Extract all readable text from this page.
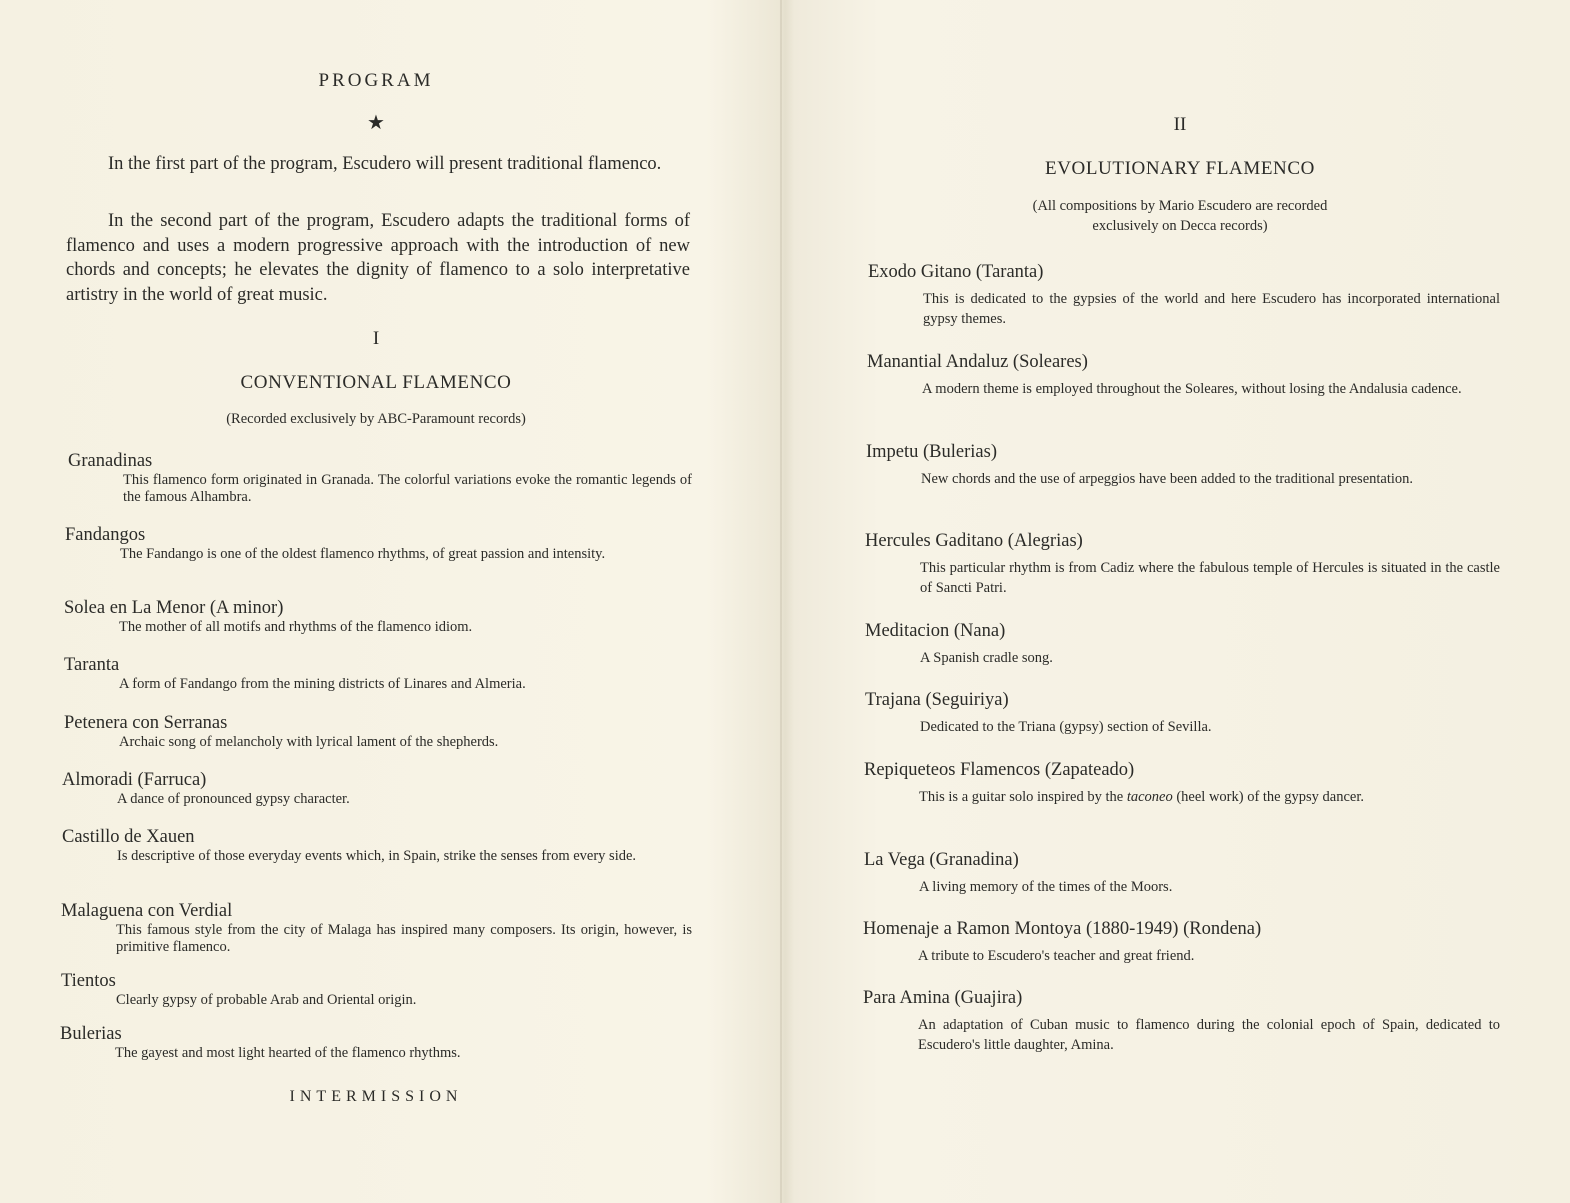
PROGRAM
★

In the first part of the program, Escudero will present traditional flamenco.

In the second part of the program, Escudero adapts the traditional forms of flamenco and uses a modern progressive approach with the introduction of new chords and concepts; he elevates the dignity of flamenco to a solo interpretative artistry in the world of great music.

I
CONVENTIONAL FLAMENCO
(Recorded exclusively by ABC-Paramount records)
Granadinas
This flamenco form originated in Granada. The colorful variations evoke the romantic legends of the famous Alhambra.
Fandangos
The Fandango is one of the oldest flamenco rhythms, of great passion and intensity.
Solea en La Menor (A minor)
The mother of all motifs and rhythms of the flamenco idiom.
Taranta
A form of Fandango from the mining districts of Linares and Almeria.
Petenera con Serranas
Archaic song of melancholy with lyrical lament of the shepherds.
Almoradi (Farruca)
A dance of pronounced gypsy character.
Castillo de Xauen
Is descriptive of those everyday events which, in Spain, strike the senses from every side.
Malaguena con Verdial
This famous style from the city of Malaga has inspired many composers. Its origin, however, is primitive flamenco.
Tientos
Clearly gypsy of probable Arab and Oriental origin.
Bulerias
The gayest and most light hearted of the flamenco rhythms.
INTERMISSION
II
EVOLUTIONARY FLAMENCO
(All compositions by Mario Escudero are recorded
exclusively on Decca records)
Exodo Gitano (Taranta)
This is dedicated to the gypsies of the world and here Escudero has incorporated international gypsy themes.
Manantial Andaluz (Soleares)
A modern theme is employed throughout the Soleares, without losing the Andalusia cadence.
Impetu (Bulerias)
New chords and the use of arpeggios have been added to the traditional presentation.
Hercules Gaditano (Alegrias)
This particular rhythm is from Cadiz where the fabulous temple of Hercules is situated in the castle of Sancti Patri.
Meditacion (Nana)
A Spanish cradle song.
Trajana (Seguiriya)
Dedicated to the Triana (gypsy) section of Sevilla.
Repiqueteos Flamencos (Zapateado)
This is a guitar solo inspired by the taconeo (heel work) of the gypsy dancer.
La Vega (Granadina)
A living memory of the times of the Moors.
Homenaje a Ramon Montoya (1880-1949) (Rondena)
A tribute to Escudero's teacher and great friend.
Para Amina (Guajira)
An adaptation of Cuban music to flamenco during the colonial epoch of Spain, dedicated to Escudero's little daughter, Amina.
